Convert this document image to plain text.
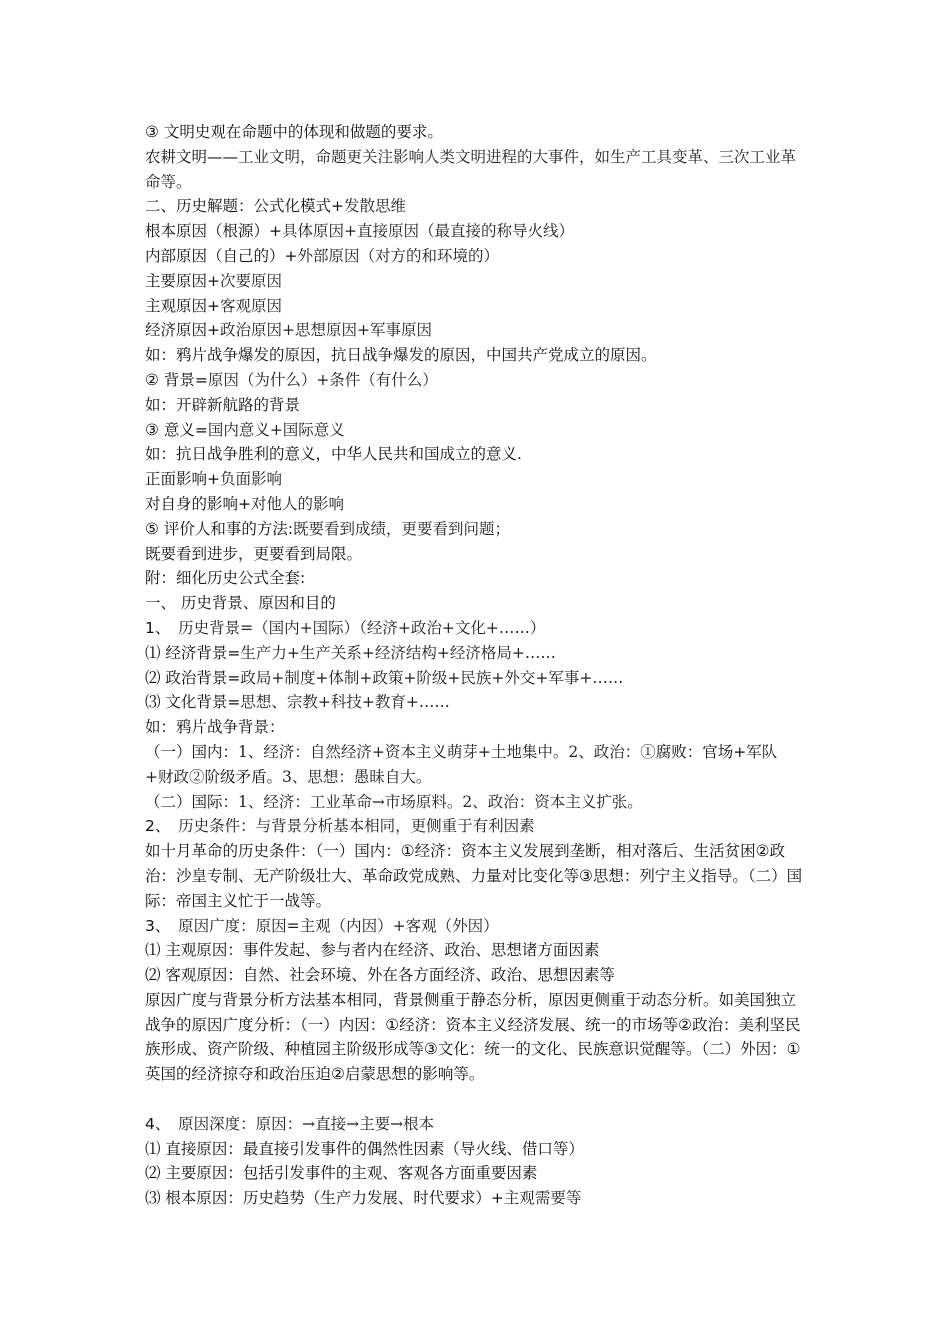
③ 文明史观在命题中的体现和做题的要求。
农耕文明——工业文明，命题更关注影响人类文明进程的大事件，如生产工具变革、三次工业革命等。
二、历史解题：公式化模式+发散思维
根本原因（根源）+具体原因+直接原因（最直接的称导火线）
内部原因（自己的）+外部原因（对方的和环境的）
主要原因+次要原因
主观原因+客观原因
经济原因+政治原因+思想原因+军事原因
如：鸦片战争爆发的原因，抗日战争爆发的原因，中国共产党成立的原因。
② 背景=原因（为什么）+条件（有什么）
如：开辟新航路的背景
③ 意义=国内意义+国际意义
如：抗日战争胜利的意义，中华人民共和国成立的意义.
正面影响+负面影响
对自身的影响+对他人的影响
⑤ 评价人和事的方法:既要看到成绩，更要看到问题；
既要看到进步，更要看到局限。
附：细化历史公式全套:
一、 历史背景、原因和目的
1、　历史背景=（国内+国际）（经济+政治+文化+……）
⑴ 经济背景=生产力+生产关系+经济结构+经济格局+……
⑵ 政治背景=政局+制度+体制+政策+阶级+民族+外交+军事+……
⑶ 文化背景=思想、宗教+科技+教育+……
如：鸦片战争背景：
（一）国内：1、经济：自然经济+资本主义萌芽+土地集中。2、政治：①腐败：官场+军队+财政②阶级矛盾。3、思想：愚昧自大。
（二）国际：1、经济：工业革命→市场原料。2、政治：资本主义扩张。
2、　历史条件：与背景分析基本相同，更侧重于有利因素
如十月革命的历史条件：（一）国内：①经济：资本主义发展到垄断，相对落后、生活贫困②政治：沙皇专制、无产阶级壮大、革命政党成熟、力量对比变化等③思想：列宁主义指导。（二）国际：帝国主义忙于一战等。
3、　原因广度：原因=主观（内因）+客观（外因）
⑴ 主观原因：事件发起、参与者内在经济、政治、思想诸方面因素
⑵ 客观原因：自然、社会环境、外在各方面经济、政治、思想因素等
原因广度与背景分析方法基本相同，背景侧重于静态分析，原因更侧重于动态分析。如美国独立战争的原因广度分析：（一）内因：①经济：资本主义经济发展、统一的市场等②政治：美利坚民族形成、资产阶级、种植园主阶级形成等③文化：统一的文化、民族意识觉醒等。（二）外因：①英国的经济掠夺和政治压迫②启蒙思想的影响等。
4、　原因深度：原因：→直接→主要→根本
⑴ 直接原因：最直接引发事件的偶然性因素（导火线、借口等）
⑵ 主要原因：包括引发事件的主观、客观各方面重要因素
⑶ 根本原因：历史趋势（生产力发展、时代要求）+主观需要等
